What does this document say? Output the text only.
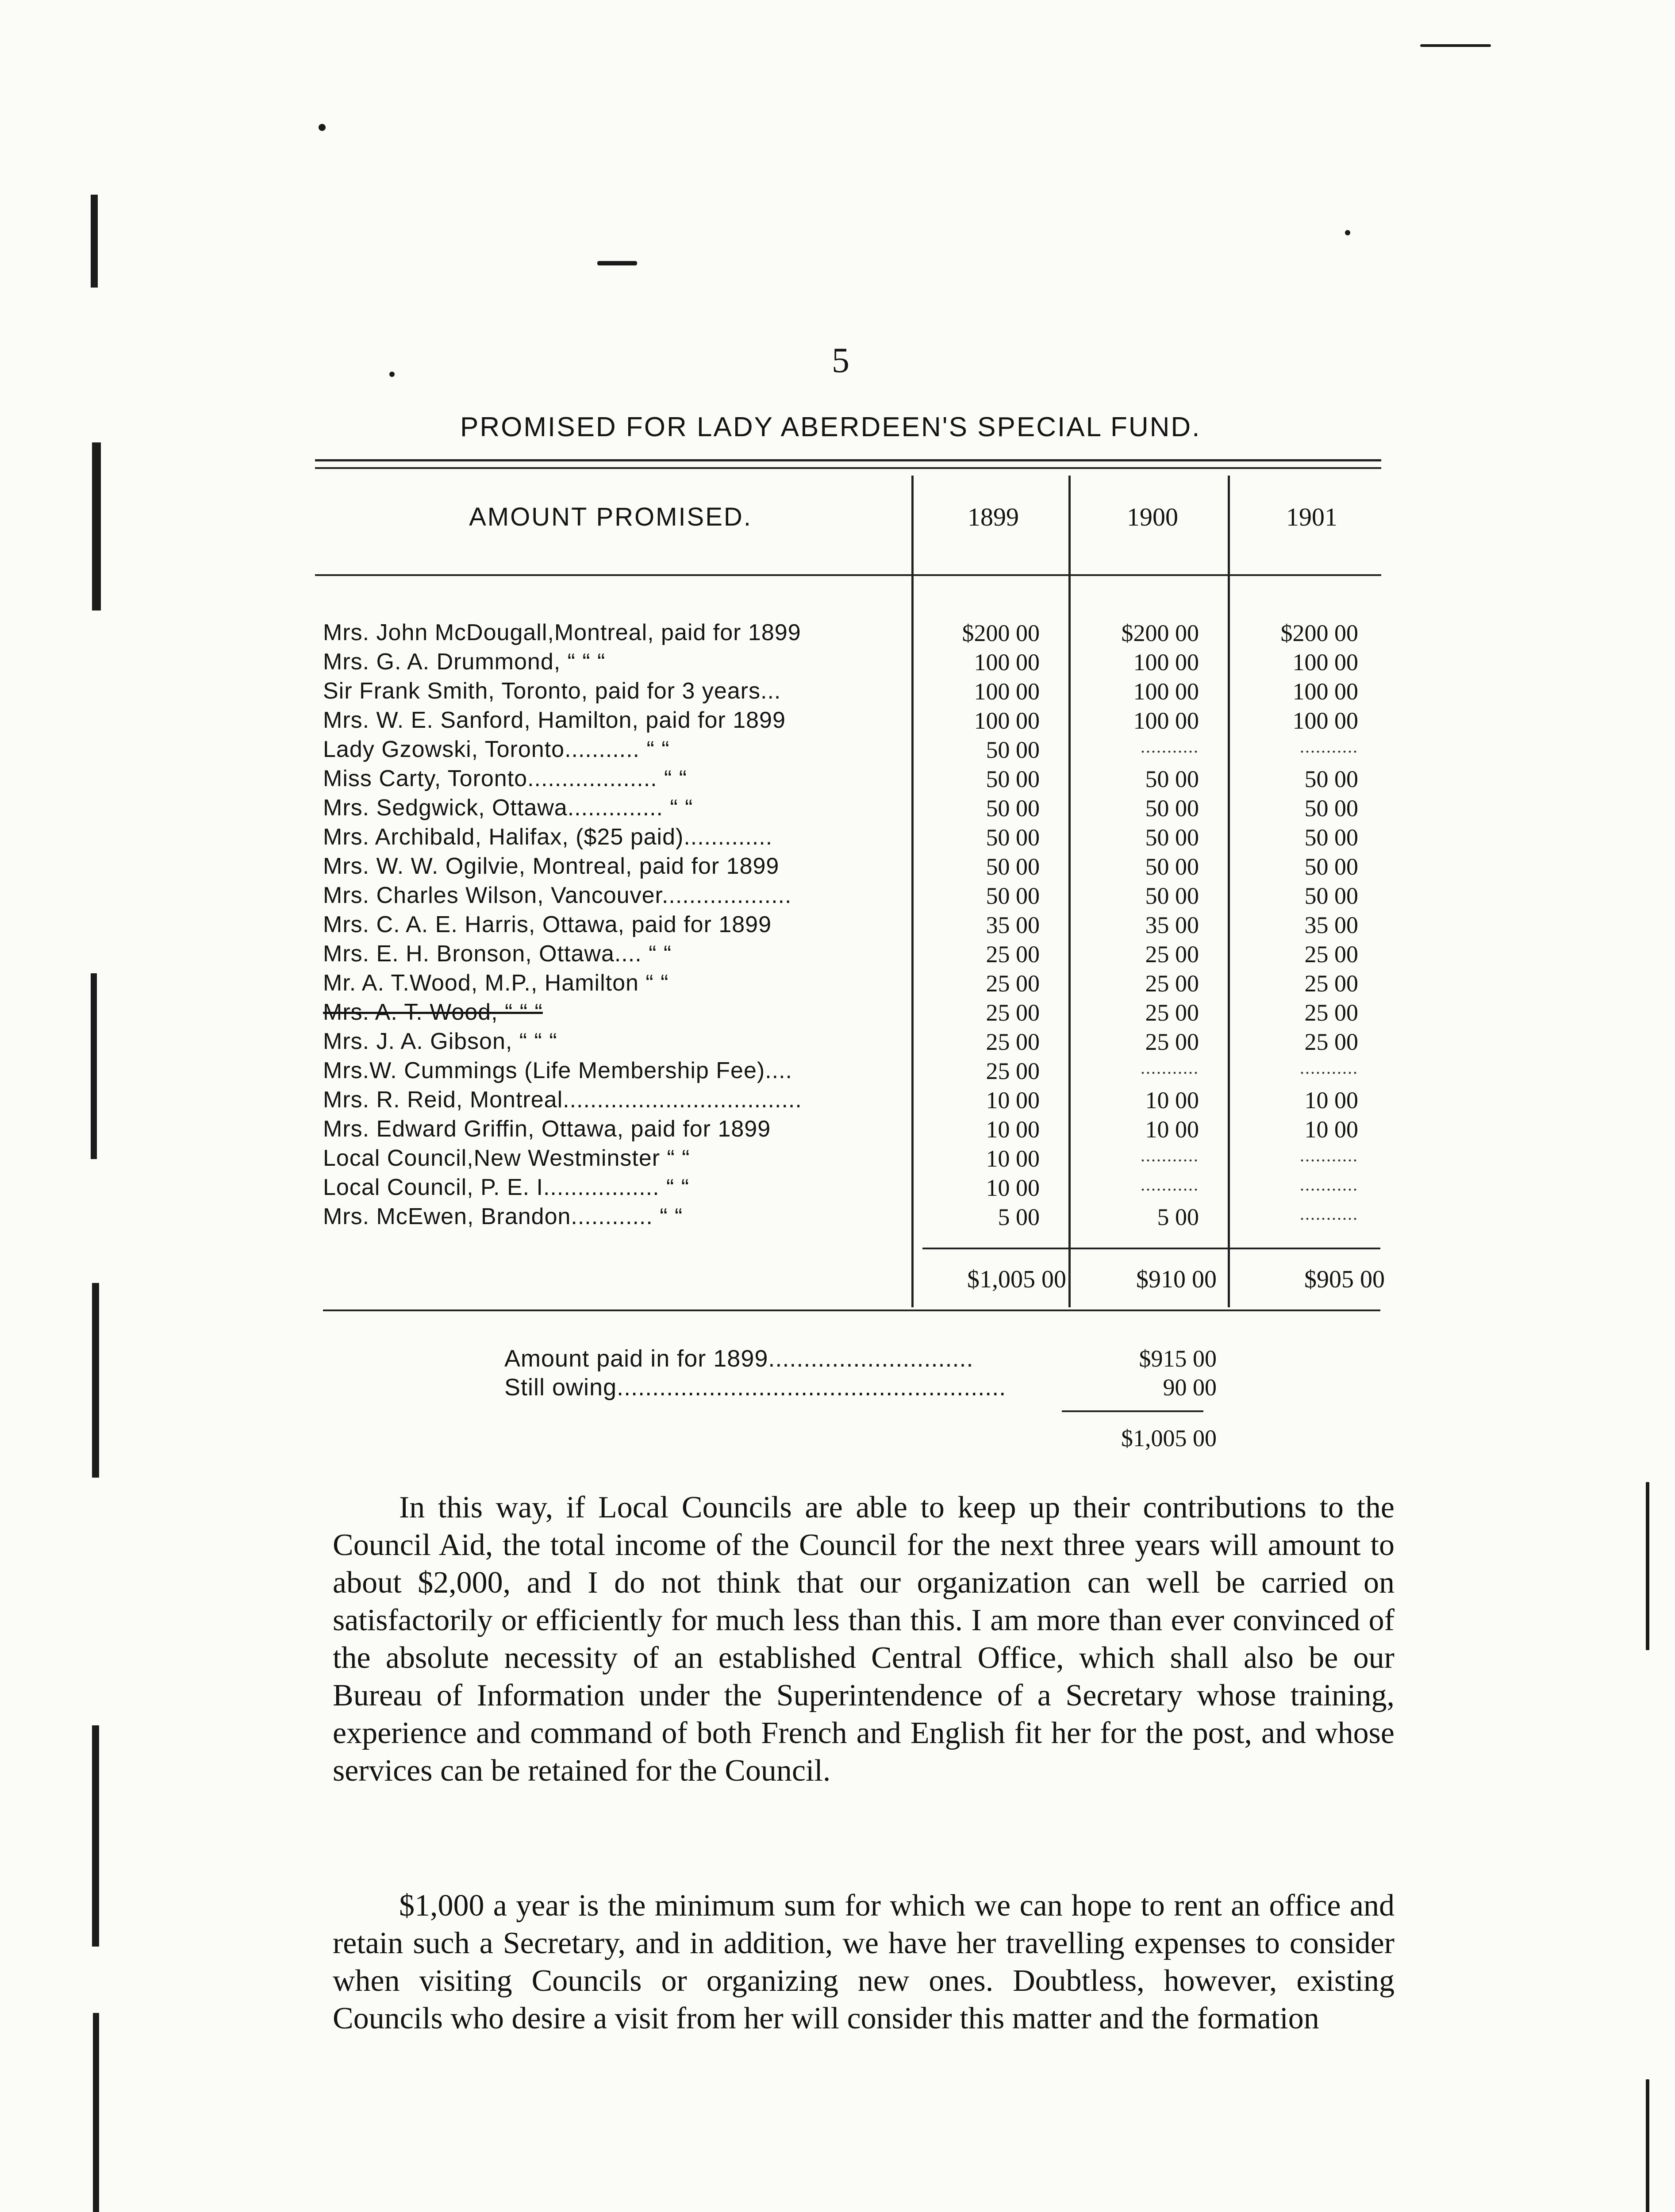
5
PROMISED FOR LADY ABERDEEN'S SPECIAL FUND.
AMOUNT PROMISED.	1899	1900	1901
Mrs. John McDougall,Montreal, paid for 1899	$200 00	$200 00	$200 00
Mrs. G. A. Drummond, “ “ “	100 00	100 00	100 00
Sir Frank Smith, Toronto, paid for 3 years...	100 00	100 00	100 00
Mrs. W. E. Sanford, Hamilton, paid for 1899	100 00	100 00	100 00
Lady Gzowski, Toronto........... “ “	50 00	...........	...........
Miss Carty, Toronto................... “ “	50 00	50 00	50 00
Mrs. Sedgwick, Ottawa.............. “ “	50 00	50 00	50 00
Mrs. Archibald, Halifax, ($25 paid).............	50 00	50 00	50 00
Mrs. W. W. Ogilvie, Montreal, paid for 1899	50 00	50 00	50 00
Mrs. Charles Wilson, Vancouver...................	50 00	50 00	50 00
Mrs. C. A. E. Harris, Ottawa, paid for 1899	35 00	35 00	35 00
Mrs. E. H. Bronson, Ottawa.... “ “	25 00	25 00	25 00
Mr. A. T.Wood, M.P., Hamilton “ “	25 00	25 00	25 00
Mrs. A. T. Wood, “ “ “	25 00	25 00	25 00
Mrs. J. A. Gibson, “ “ “	25 00	25 00	25 00
Mrs.W. Cummings (Life Membership Fee)....	25 00	...........	...........
Mrs. R. Reid, Montreal...................................	10 00	10 00	10 00
Mrs. Edward Griffin, Ottawa, paid for 1899	10 00	10 00	10 00
Local Council,New Westminster “ “	10 00	...........	...........
Local Council, P. E. I................. “ “	10 00	...........	...........
Mrs. McEwen, Brandon............ “ “	5 00	5 00	...........
$1,005 00	$910 00	$905 00
Amount paid in for 1899.............................	$915 00
Still owing.......................................................	90 00
$1,005 00

In this way, if Local Councils are able to keep up their contributions to the Council Aid, the total income of the Council for the next three years will amount to about $2,000, and I do not think that our organization can well be carried on satisfactorily or efficiently for much less than this. I am more than ever convinced of the absolute necessity of an established Central Office, which shall also be our Bureau of Information under the Superintendence of a Secretary whose training, experience and command of both French and English fit her for the post, and whose services can be retained for the Council.

$1,000 a year is the minimum sum for which we can hope to rent an office and retain such a Secretary, and in addition, we have her travelling expenses to consider when visiting Councils or organizing new ones. Doubtless, however, existing Councils who desire a visit from her will consider this matter and the formation
